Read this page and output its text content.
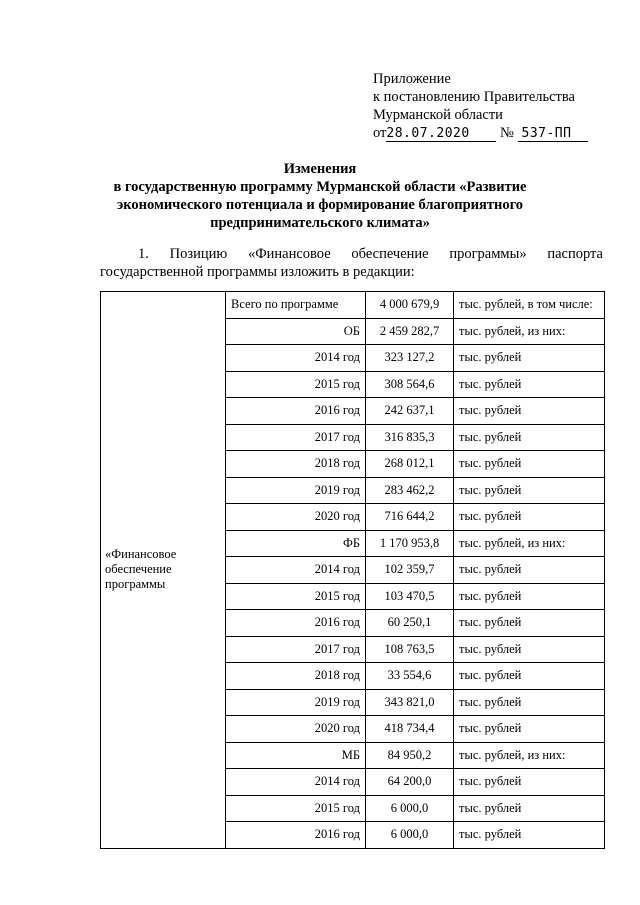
Приложение
к постановлению Правительства
Мурманской области
от28.07.2020 № 537-ПП
Изменения
в государственную программу Мурманской области «Развитие
экономического потенциала и формирование благоприятного
предпринимательского климата»
1. Позицию «Финансовое обеспечение программы» паспорта
государственной программы изложить в редакции:
«Финансовое обеспечение программы	Всего по программе	4 000 679,9	тыс. рублей, в том числе:
	ОБ	2 459 282,7	тыс. рублей, из них:
	2014 год	323 127,2	тыс. рублей
	2015 год	308 564,6	тыс. рублей
	2016 год	242 637,1	тыс. рублей
	2017 год	316 835,3	тыс. рублей
	2018 год	268 012,1	тыс. рублей
	2019 год	283 462,2	тыс. рублей
	2020 год	716 644,2	тыс. рублей
	ФБ	1 170 953,8	тыс. рублей, из них:
	2014 год	102 359,7	тыс. рублей
	2015 год	103 470,5	тыс. рублей
	2016 год	60 250,1	тыс. рублей
	2017 год	108 763,5	тыс. рублей
	2018 год	33 554,6	тыс. рублей
	2019 год	343 821,0	тыс. рублей
	2020 год	418 734,4	тыс. рублей
	МБ	84 950,2	тыс. рублей, из них:
	2014 год	64 200,0	тыс. рублей
	2015 год	6 000,0	тыс. рублей
	2016 год	6 000,0	тыс. рублей
